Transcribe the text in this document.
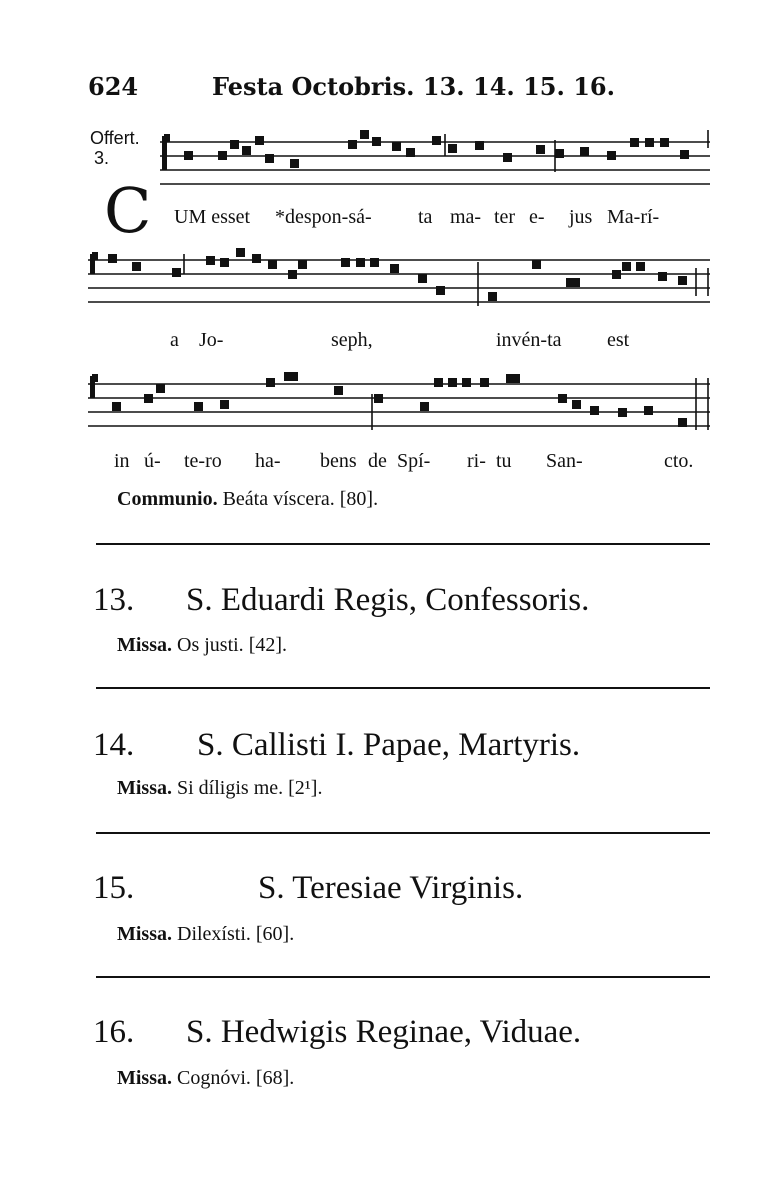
624	Festa Octobris. 13. 14. 15. 16.
Offert.
3.
C UM esset *despon-sá- ta ma- ter e- jus Ma-rí-
a Jo-	seph,	invén-ta est
in ú- te-ro ha- bens de Spí- ri- tu San-	cto.
Communio. Beáta víscera. [80].
13. S. Eduardi Regis, Confessoris.
Missa. Os justi. [42].
14. S. Callisti I. Papae, Martyris.
Missa. Si díligis me. [2¹].
15.	S. Teresiae Virginis.
Missa. Dilexísti. [60].
16. S. Hedwigis Reginae, Viduae.
Missa. Cognóvi. [68].
